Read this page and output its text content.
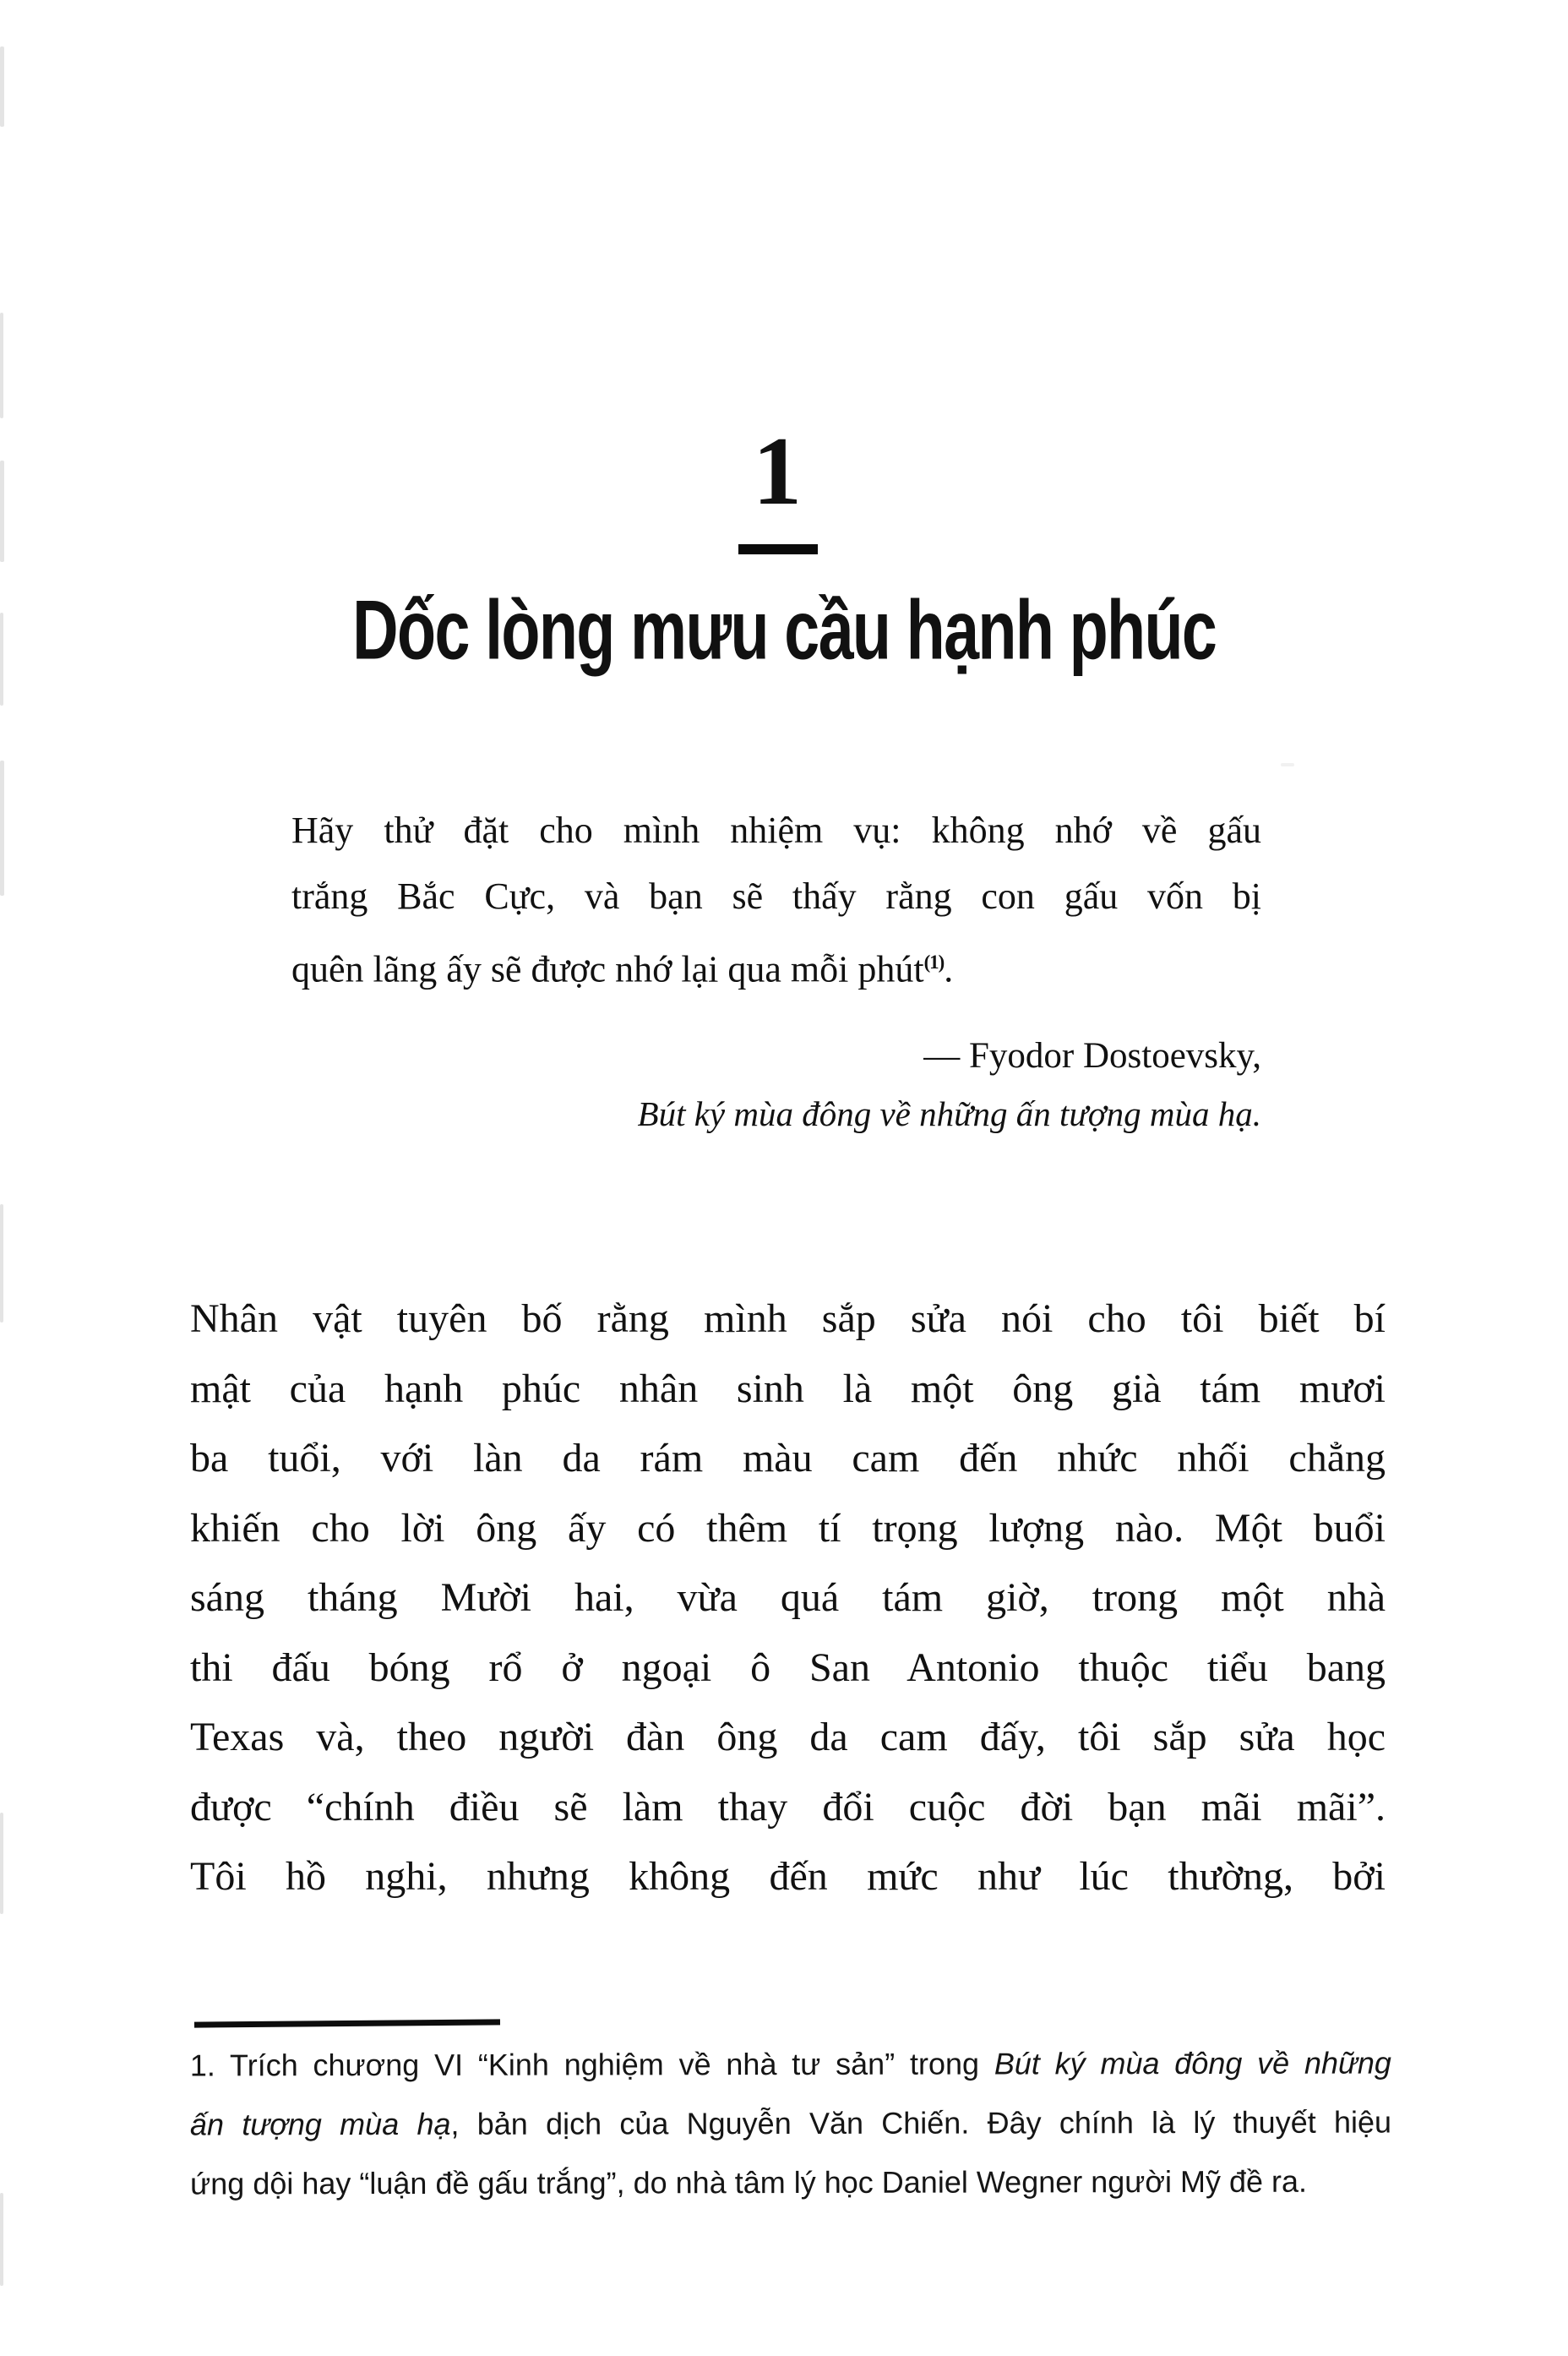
1
Dốc lòng mưu cầu hạnh phúc
Hãy thử đặt cho mình nhiệm vụ: không nhớ về gấu
trắng Bắc Cực, và bạn sẽ thấy rằng con gấu vốn bị
quên lãng ấy sẽ được nhớ lại qua mỗi phút$^{(1)}$.
— Fyodor Dostoevsky,
Bút ký mùa đông về những ấn tượng mùa hạ.
Nhân vật tuyên bố rằng mình sắp sửa nói cho tôi biết bí
mật của hạnh phúc nhân sinh là một ông già tám mươi
ba tuổi, với làn da rám màu cam đến nhức nhối chẳng
khiến cho lời ông ấy có thêm tí trọng lượng nào. Một buổi
sáng tháng Mười hai, vừa quá tám giờ, trong một nhà
thi đấu bóng rổ ở ngoại ô San Antonio thuộc tiểu bang
Texas và, theo người đàn ông da cam đấy, tôi sắp sửa học
được “chính điều sẽ làm thay đổi cuộc đời bạn mãi mãi”.
Tôi hồ nghi, nhưng không đến mức như lúc thường, bởi
1. Trích chương VI “Kinh nghiệm về nhà tư sản” trong Bút ký mùa đông về những
ấn tượng mùa hạ, bản dịch của Nguyễn Văn Chiến. Đây chính là lý thuyết hiệu
ứng dội hay “luận đề gấu trắng”, do nhà tâm lý học Daniel Wegner người Mỹ đề ra.
